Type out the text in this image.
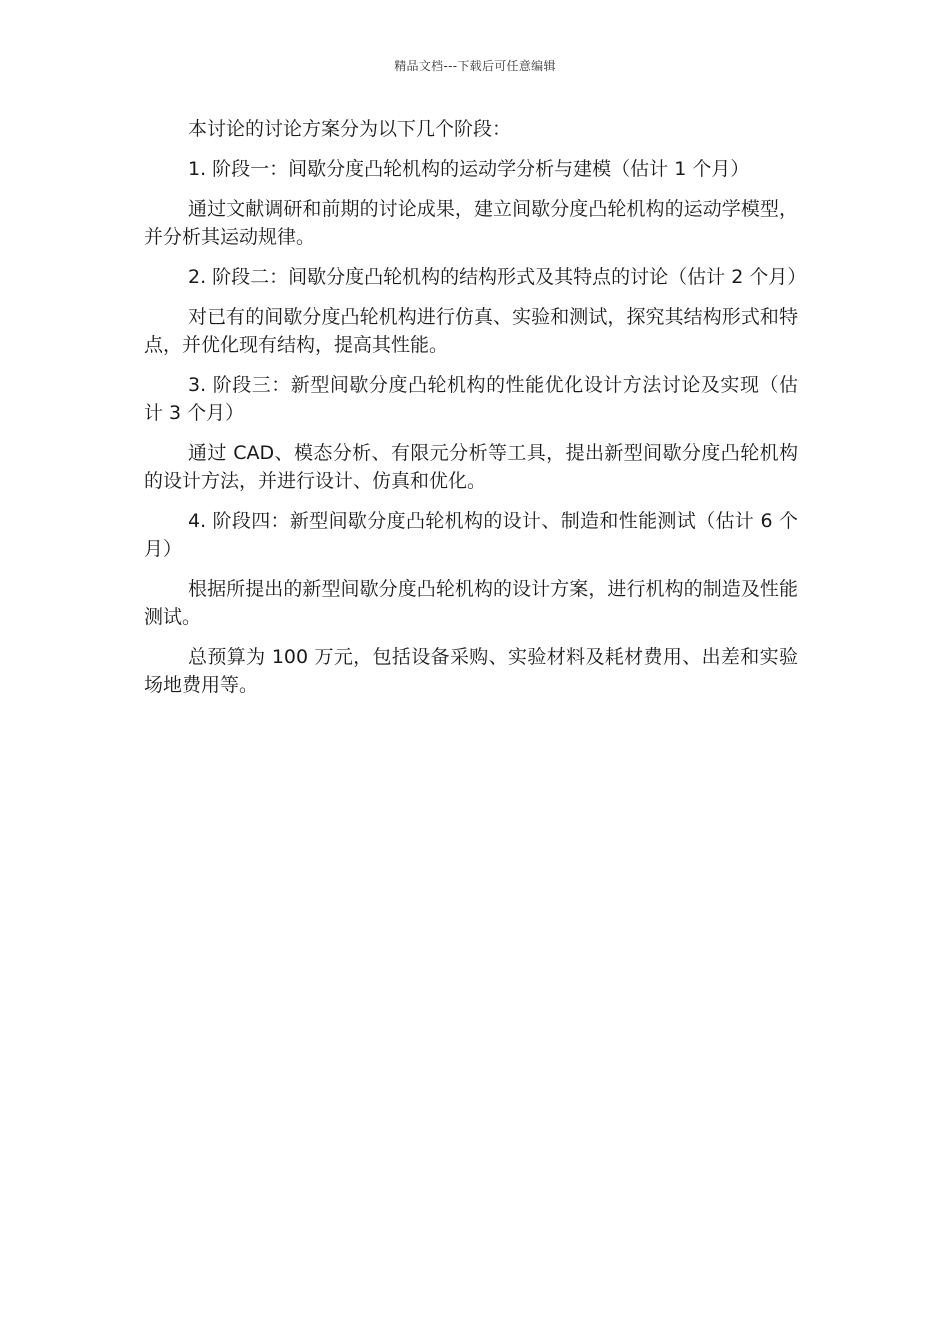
精品文档---下载后可任意编辑

本讨论的讨论方案分为以下几个阶段：

1. 阶段一：间歇分度凸轮机构的运动学分析与建模（估计 1 个月）

通过文献调研和前期的讨论成果，建立间歇分度凸轮机构的运动学模型，并分析其运动规律。

2. 阶段二：间歇分度凸轮机构的结构形式及其特点的讨论（估计 2 个月）

对已有的间歇分度凸轮机构进行仿真、实验和测试，探究其结构形式和特点，并优化现有结构，提高其性能。

3. 阶段三：新型间歇分度凸轮机构的性能优化设计方法讨论及实现（估计 3 个月）

通过 CAD、模态分析、有限元分析等工具，提出新型间歇分度凸轮机构的设计方法，并进行设计、仿真和优化。

4. 阶段四：新型间歇分度凸轮机构的设计、制造和性能测试（估计 6 个月）

根据所提出的新型间歇分度凸轮机构的设计方案，进行机构的制造及性能测试。

总预算为 100 万元，包括设备采购、实验材料及耗材费用、出差和实验场地费用等。
